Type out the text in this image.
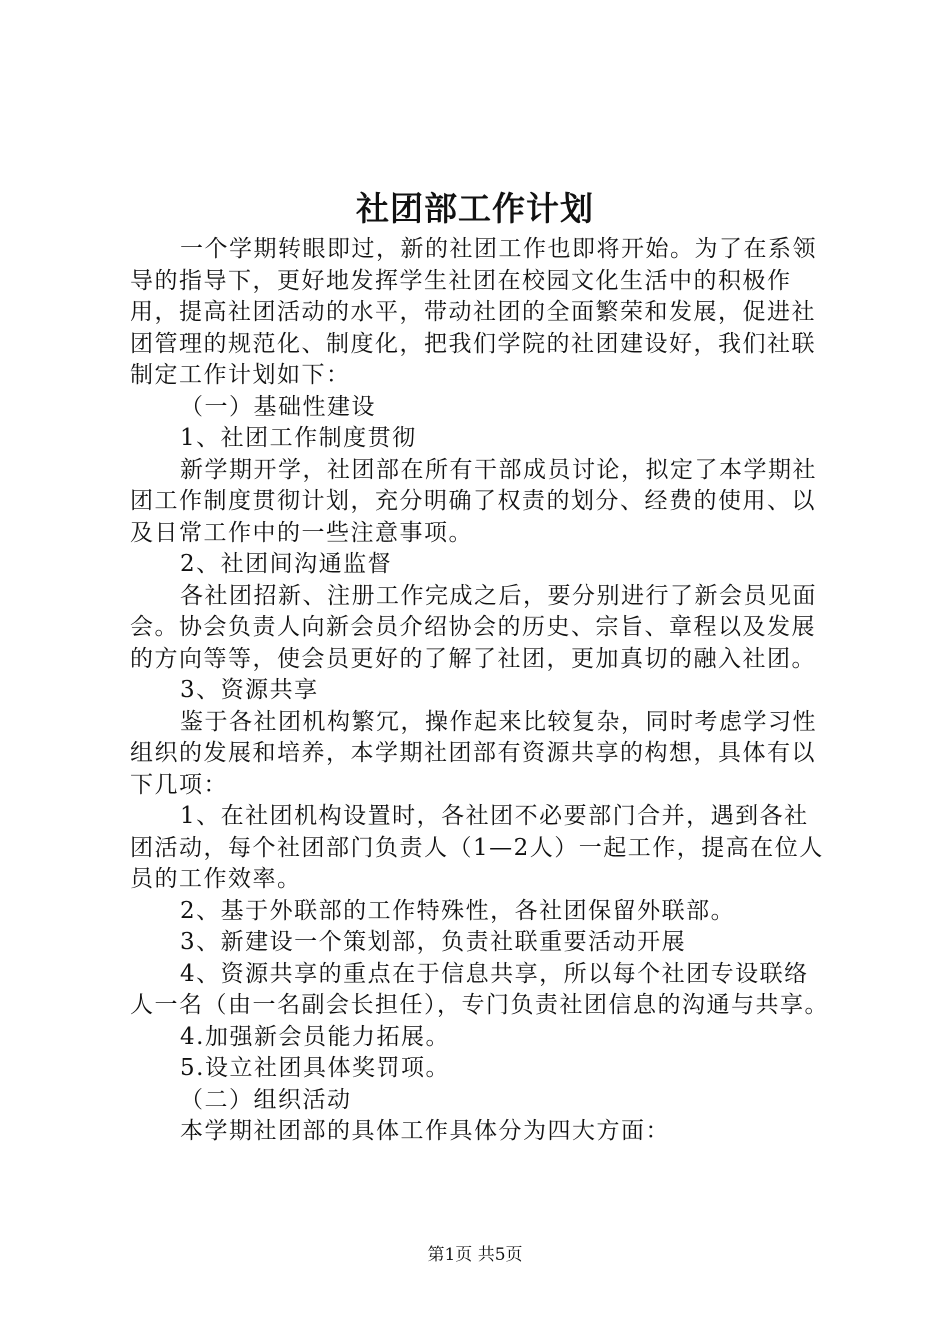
社团部工作计划

一个学期转眼即过，新的社团工作也即将开始。为了在系领导的指导下，更好地发挥学生社团在校园文化生活中的积极作用，提高社团活动的水平，带动社团的全面繁荣和发展，促进社团管理的规范化、制度化，把我们学院的社团建设好，我们社联制定工作计划如下：

（一）基础性建设

1、社团工作制度贯彻

新学期开学，社团部在所有干部成员讨论，拟定了本学期社团工作制度贯彻计划，充分明确了权责的划分、经费的使用、以及日常工作中的一些注意事项。

2、社团间沟通监督

各社团招新、注册工作完成之后，要分别进行了新会员见面会。协会负责人向新会员介绍协会的历史、宗旨、章程以及发展的方向等等，使会员更好的了解了社团，更加真切的融入社团。

3、资源共享

鉴于各社团机构繁冗，操作起来比较复杂，同时考虑学习性组织的发展和培养，本学期社团部有资源共享的构想，具体有以下几项：

1、在社团机构设置时，各社团不必要部门合并，遇到各社团活动，每个社团部门负责人（1—2人）一起工作，提高在位人员的工作效率。

2、基于外联部的工作特殊性，各社团保留外联部。

3、新建设一个策划部，负责社联重要活动开展

4、资源共享的重点在于信息共享，所以每个社团专设联络人一名（由一名副会长担任），专门负责社团信息的沟通与共享。

4.加强新会员能力拓展。

5.设立社团具体奖罚项。

（二）组织活动

本学期社团部的具体工作具体分为四大方面：

第1页 共5页
